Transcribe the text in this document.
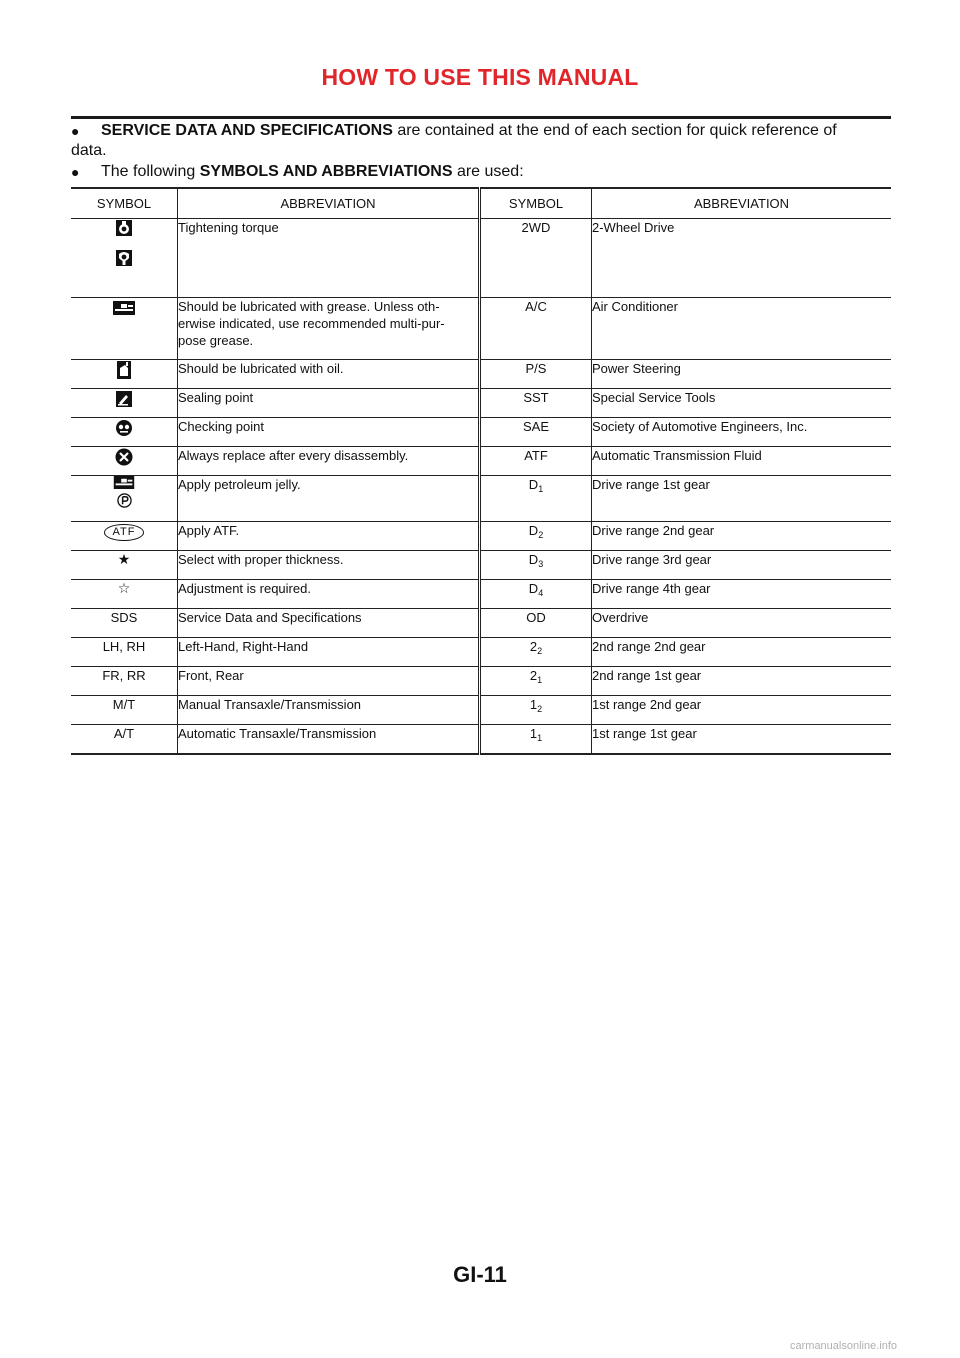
HOW TO USE THIS MANUAL
● SERVICE DATA AND SPECIFICATIONS are contained at the end of each section for quick reference of
data.
● The following SYMBOLS AND ABBREVIATIONS are used:
SYMBOL	ABBREVIATION	SYMBOL	ABBREVIATION

	Tightening torque	2WD	2-Wheel Drive
	Should be lubricated with grease. Unless oth-
erwise indicated, use recommended multi-pur-
pose grease.	A/C	Air Conditioner
	Should be lubricated with oil.	P/S	Power Steering
	Sealing point	SST	Special Service Tools
	Checking point	SAE	Society of Automotive Engineers, Inc.
	Always replace after every disassembly.	ATF	Automatic Transmission Fluid

	Apply petroleum jelly.	$D_1$	Drive range 1st gear
ATF	Apply ATF.	$D_2$	Drive range 2nd gear
★	Select with proper thickness.	$D_3$	Drive range 3rd gear
☆	Adjustment is required.	$D_4$	Drive range 4th gear
SDS	Service Data and Specifications	OD	Overdrive
LH, RH	Left-Hand, Right-Hand	$2_2$	2nd range 2nd gear
FR, RR	Front, Rear	$2_1$	2nd range 1st gear
M/T	Manual Transaxle/Transmission	$1_2$	1st range 2nd gear
A/T	Automatic Transaxle/Transmission	$1_1$	1st range 1st gear
GI-11
carmanualsonline.info
